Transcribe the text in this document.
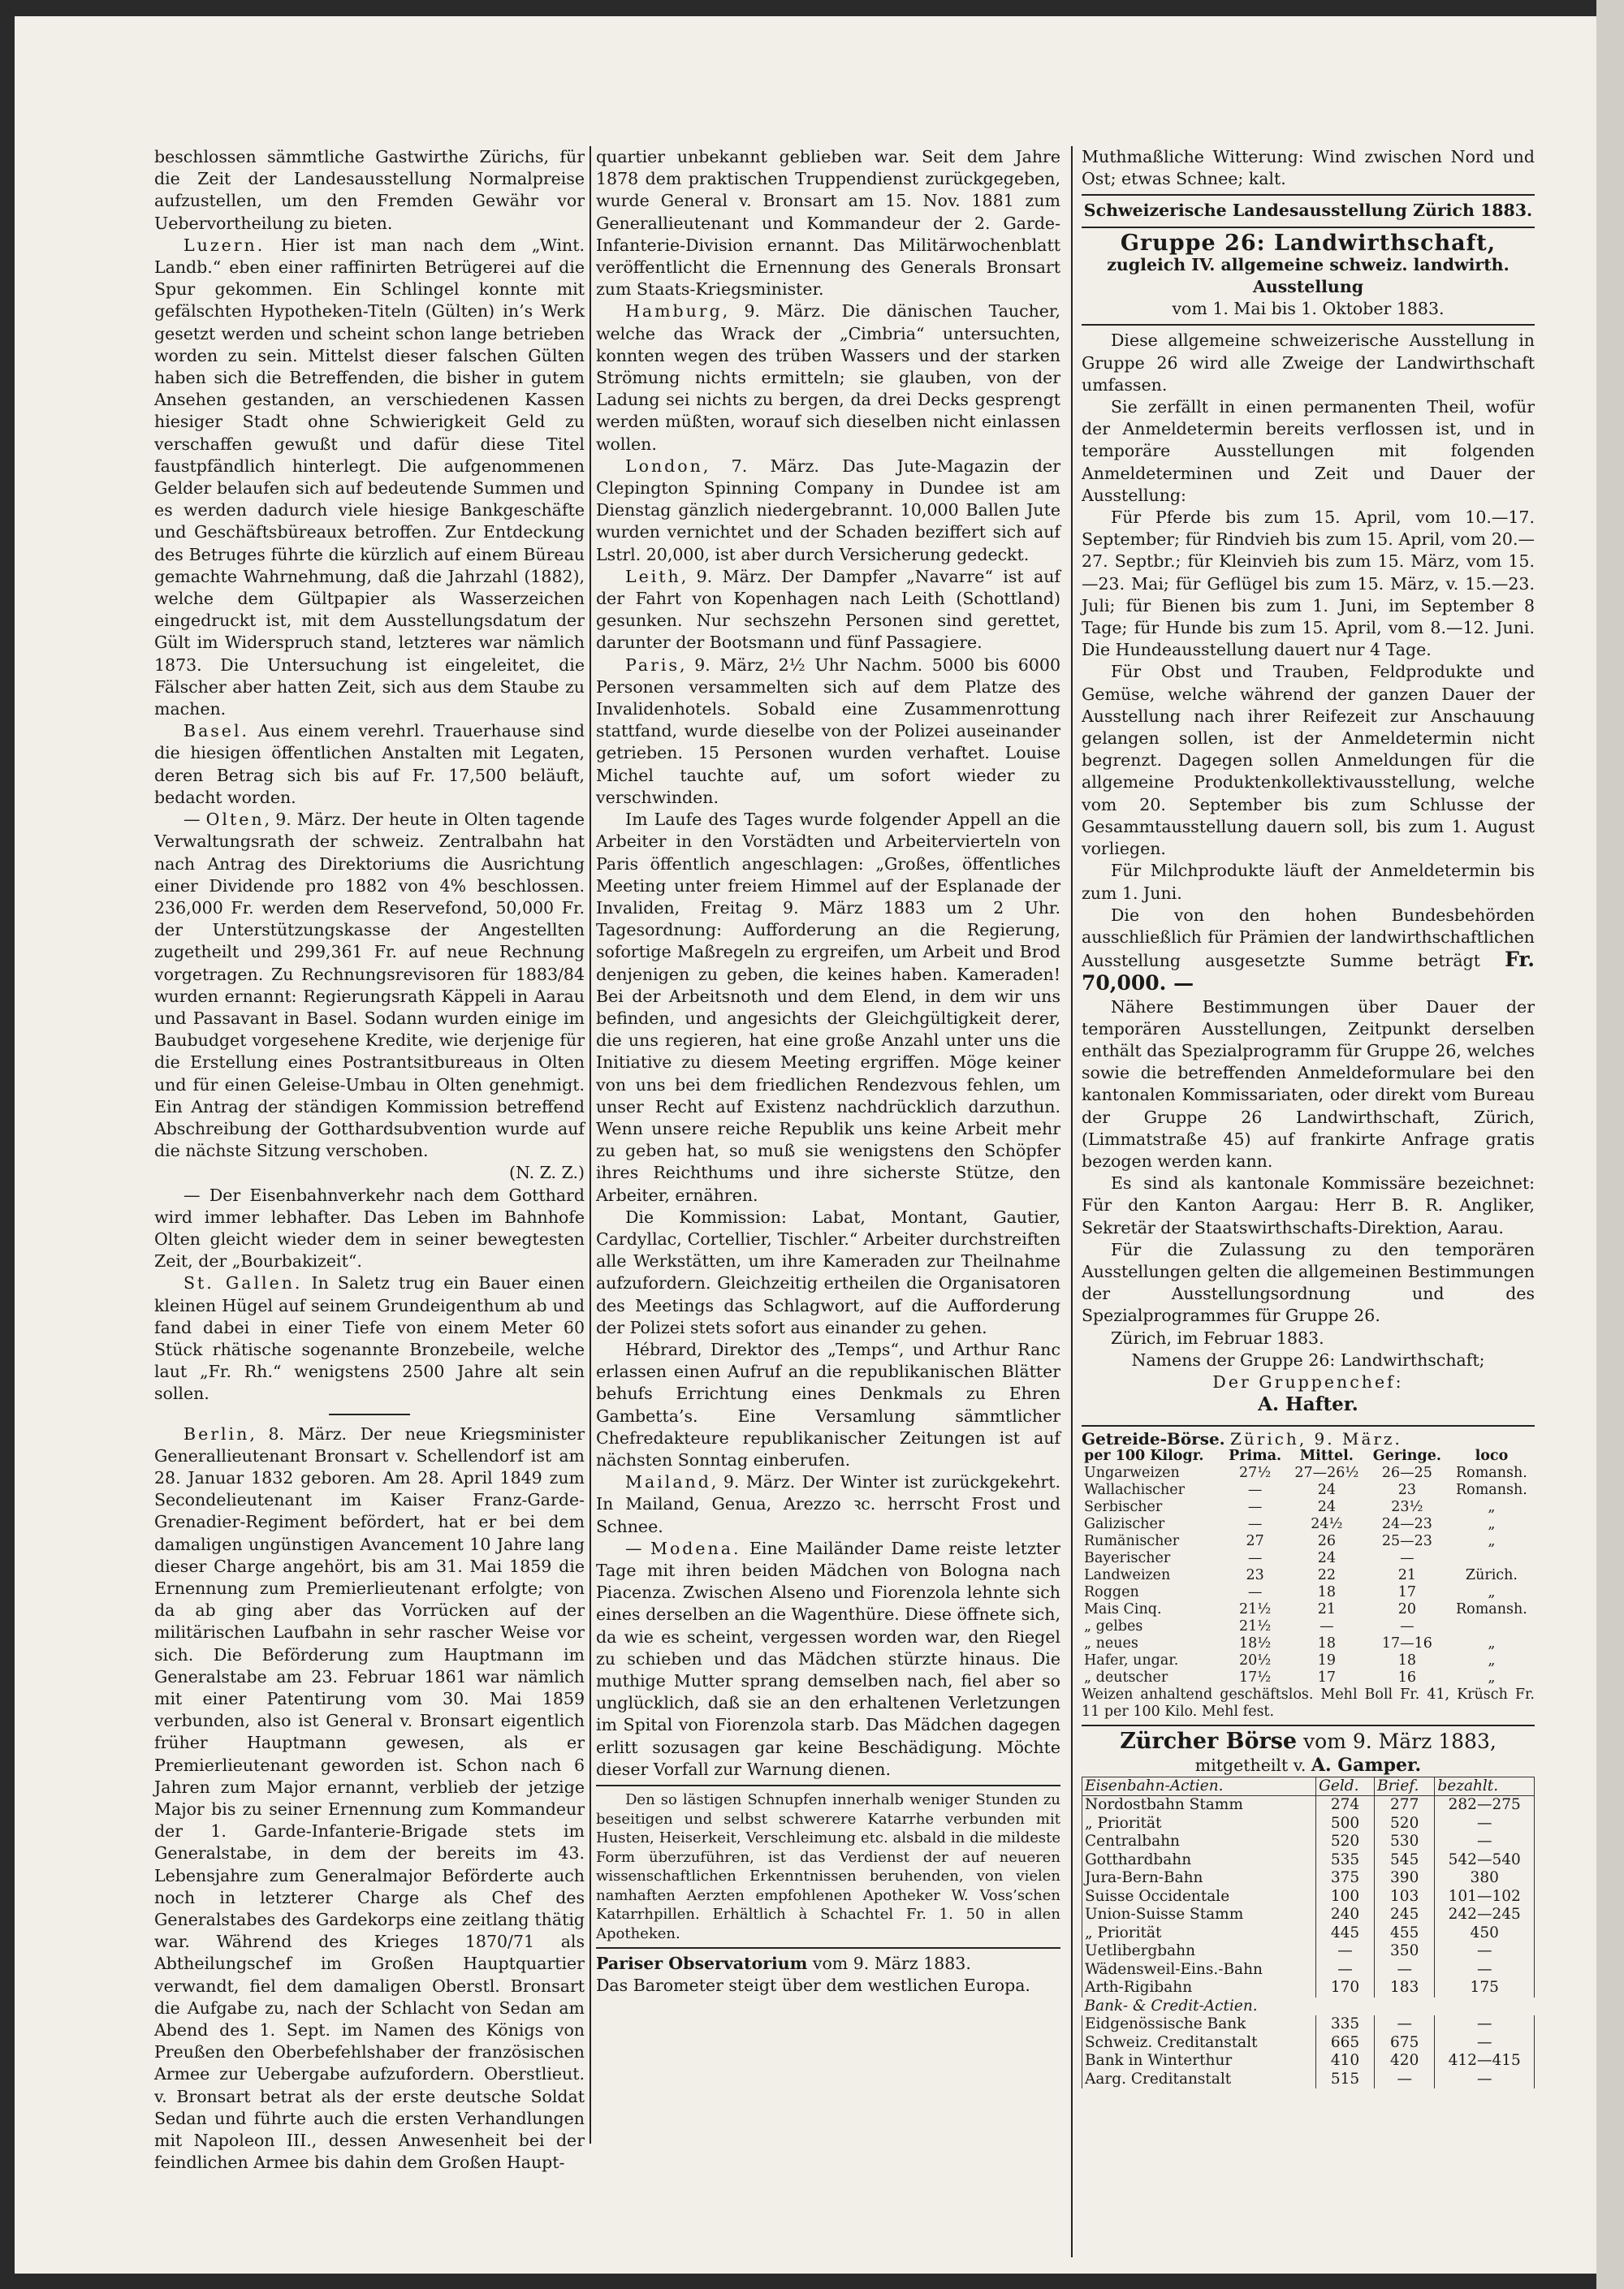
beschlossen sämmtliche Gastwirthe Zürichs, für die Zeit der Landesausstellung Normalpreise aufzustellen, um den Fremden Gewähr vor Uebervortheilung zu bieten.

Luzern. Hier ist man nach dem „Wint. Landb.“ eben einer raffinirten Betrügerei auf die Spur gekommen. Ein Schlingel konnte mit gefälschten Hypotheken-Titeln (Gülten) in’s Werk gesetzt werden und scheint schon lange betrieben worden zu sein. Mittelst dieser falschen Gülten haben sich die Betreffenden, die bisher in gutem Ansehen gestanden, an verschiedenen Kassen hiesiger Stadt ohne Schwierigkeit Geld zu verschaffen gewußt und dafür diese Titel faustpfändlich hinterlegt. Die aufgenommenen Gelder belaufen sich auf bedeutende Summen und es werden dadurch viele hiesige Bankgeschäfte und Geschäftsbüreaux betroffen. Zur Entdeckung des Betruges führte die kürzlich auf einem Büreau gemachte Wahrnehmung, daß die Jahrzahl (1882), welche dem Gültpapier als Wasserzeichen eingedruckt ist, mit dem Ausstellungsdatum der Gült im Widerspruch stand, letzteres war nämlich 1873. Die Untersuchung ist eingeleitet, die Fälscher aber hatten Zeit, sich aus dem Staube zu machen.

Basel. Aus einem verehrl. Trauerhause sind die hiesigen öffentlichen Anstalten mit Legaten, deren Betrag sich bis auf Fr. 17,500 beläuft, bedacht worden.

— Olten, 9. März. Der heute in Olten tagende Verwaltungsrath der schweiz. Zentralbahn hat nach Antrag des Direktoriums die Ausrichtung einer Dividende pro 1882 von 4% beschlossen. 236,000 Fr. werden dem Reservefond, 50,000 Fr. der Unterstützungskasse der Angestellten zugetheilt und 299,361 Fr. auf neue Rechnung vorgetragen. Zu Rechnungsrevisoren für 1883/84 wurden ernannt: Regierungsrath Käppeli in Aarau und Passavant in Basel. Sodann wurden einige im Baubudget vorgesehene Kredite, wie derjenige für die Erstellung eines Postrantsitbureaus in Olten und für einen Geleise-Umbau in Olten genehmigt. Ein Antrag der ständigen Kommission betreffend Abschreibung der Gotthardsubvention wurde auf die nächste Sitzung verschoben.

(N. Z. Z.)

— Der Eisenbahnverkehr nach dem Gotthard wird immer lebhafter. Das Leben im Bahnhofe Olten gleicht wieder dem in seiner bewegtesten Zeit, der „Bourbakizeit“.

St. Gallen. In Saletz trug ein Bauer einen kleinen Hügel auf seinem Grundeigenthum ab und fand dabei in einer Tiefe von einem Meter 60 Stück rhätische sogenannte Bronzebeile, welche laut „Fr. Rh.“ wenigstens 2500 Jahre alt sein sollen.

Berlin, 8. März. Der neue Kriegsminister Generallieutenant Bronsart v. Schellendorf ist am 28. Januar 1832 geboren. Am 28. April 1849 zum Secondelieutenant im Kaiser Franz-Garde-Grenadier-Regiment befördert, hat er bei dem damaligen ungünstigen Avancement 10 Jahre lang dieser Charge angehört, bis am 31. Mai 1859 die Ernennung zum Premierlieutenant erfolgte; von da ab ging aber das Vorrücken auf der militärischen Laufbahn in sehr rascher Weise vor sich. Die Beförderung zum Hauptmann im Generalstabe am 23. Februar 1861 war nämlich mit einer Patentirung vom 30. Mai 1859 verbunden, also ist General v. Bronsart eigentlich früher Hauptmann gewesen, als er Premierlieutenant geworden ist. Schon nach 6 Jahren zum Major ernannt, verblieb der jetzige Major bis zu seiner Ernennung zum Kommandeur der 1. Garde-Infanterie-Brigade stets im Generalstabe, in dem der bereits im 43. Lebensjahre zum Generalmajor Beförderte auch noch in letzterer Charge als Chef des Generalstabes des Gardekorps eine zeitlang thätig war. Während des Krieges 1870/71 als Abtheilungschef im Großen Hauptquartier verwandt, fiel dem damaligen Oberstl. Bronsart die Aufgabe zu, nach der Schlacht von Sedan am Abend des 1. Sept. im Namen des Königs von Preußen den Oberbefehlshaber der französischen Armee zur Uebergabe aufzufordern. Oberstlieut. v. Bronsart betrat als der erste deutsche Soldat Sedan und führte auch die ersten Verhandlungen mit Napoleon III., dessen Anwesenheit bei der feindlichen Armee bis dahin dem Großen Haupt-

quartier unbekannt geblieben war. Seit dem Jahre 1878 dem praktischen Truppendienst zurückgegeben, wurde General v. Bronsart am 15. Nov. 1881 zum Generallieutenant und Kommandeur der 2. Garde-Infanterie-Division ernannt. Das Militärwochenblatt veröffentlicht die Ernennung des Generals Bronsart zum Staats-Kriegsminister.

Hamburg, 9. März. Die dänischen Taucher, welche das Wrack der „Cimbria“ untersuchten, konnten wegen des trüben Wassers und der starken Strömung nichts ermitteln; sie glauben, von der Ladung sei nichts zu bergen, da drei Decks gesprengt werden müßten, worauf sich dieselben nicht einlassen wollen.

London, 7. März. Das Jute-Magazin der Clepington Spinning Company in Dundee ist am Dienstag gänzlich niedergebrannt. 10,000 Ballen Jute wurden vernichtet und der Schaden beziffert sich auf Lstrl. 20,000, ist aber durch Versicherung gedeckt.

Leith, 9. März. Der Dampfer „Navarre“ ist auf der Fahrt von Kopenhagen nach Leith (Schottland) gesunken. Nur sechszehn Personen sind gerettet, darunter der Bootsmann und fünf Passagiere.

Paris, 9. März, 2½ Uhr Nachm. 5000 bis 6000 Personen versammelten sich auf dem Platze des Invalidenhotels. Sobald eine Zusammenrottung stattfand, wurde dieselbe von der Polizei auseinander getrieben. 15 Personen wurden verhaftet. Louise Michel tauchte auf, um sofort wieder zu verschwinden.

Im Laufe des Tages wurde folgender Appell an die Arbeiter in den Vorstädten und Arbeitervierteln von Paris öffentlich angeschlagen: „Großes, öffentliches Meeting unter freiem Himmel auf der Esplanade der Invaliden, Freitag 9. März 1883 um 2 Uhr. Tagesordnung: Aufforderung an die Regierung, sofortige Maßregeln zu ergreifen, um Arbeit und Brod denjenigen zu geben, die keines haben. Kameraden! Bei der Arbeitsnoth und dem Elend, in dem wir uns befinden, und angesichts der Gleichgültigkeit derer, die uns regieren, hat eine große Anzahl unter uns die Initiative zu diesem Meeting ergriffen. Möge keiner von uns bei dem friedlichen Rendezvous fehlen, um unser Recht auf Existenz nachdrücklich darzuthun. Wenn unsere reiche Republik uns keine Arbeit mehr zu geben hat, so muß sie wenigstens den Schöpfer ihres Reichthums und ihre sicherste Stütze, den Arbeiter, ernähren.

Die Kommission: Labat, Montant, Gautier, Cardyllac, Cortellier, Tischler.“ Arbeiter durchstreiften alle Werkstätten, um ihre Kameraden zur Theilnahme aufzufordern. Gleichzeitig ertheilen die Organisatoren des Meetings das Schlagwort, auf die Aufforderung der Polizei stets sofort aus einander zu gehen.

Hébrard, Direktor des „Temps“, und Arthur Ranc erlassen einen Aufruf an die republikanischen Blätter behufs Errichtung eines Denkmals zu Ehren Gambetta’s. Eine Versamlung sämmtlicher Chefredakteure republikanischer Zeitungen ist auf nächsten Sonntag einberufen.

Mailand, 9. März. Der Winter ist zurückgekehrt. In Mailand, Genua, Arezzo ꝛc. herrscht Frost und Schnee.

— Modena. Eine Mailänder Dame reiste letzter Tage mit ihren beiden Mädchen von Bologna nach Piacenza. Zwischen Alseno und Fiorenzola lehnte sich eines derselben an die Wagenthüre. Diese öffnete sich, da wie es scheint, vergessen worden war, den Riegel zu schieben und das Mädchen stürzte hinaus. Die muthige Mutter sprang demselben nach, fiel aber so unglücklich, daß sie an den erhaltenen Verletzungen im Spital von Fiorenzola starb. Das Mädchen dagegen erlitt sozusagen gar keine Beschädigung. Möchte dieser Vorfall zur Warnung dienen.

Den so lästigen Schnupfen innerhalb weniger Stunden zu beseitigen und selbst schwerere Katarrhe verbunden mit Husten, Heiserkeit, Verschleimung etc. alsbald in die mildeste Form überzuführen, ist das Verdienst der auf neueren wissenschaftlichen Erkenntnissen beruhenden, von vielen namhaften Aerzten empfohlenen Apotheker W. Voss’schen Katarrhpillen. Erhältlich à Schachtel Fr. 1. 50 in allen Apotheken.

Pariser Observatorium vom 9. März 1883.

Das Barometer steigt über dem westlichen Europa.

Muthmaßliche Witterung: Wind zwischen Nord und Ost; etwas Schnee; kalt.

Schweizerische Landesausstellung Zürich 1883.

Gruppe 26: Landwirthschaft,

zugleich IV. allgemeine schweiz. landwirth. Ausstellung

vom 1. Mai bis 1. Oktober 1883.

Diese allgemeine schweizerische Ausstellung in Gruppe 26 wird alle Zweige der Landwirthschaft umfassen.

Sie zerfällt in einen permanenten Theil, wofür der Anmeldetermin bereits verflossen ist, und in temporäre Ausstellungen mit folgenden Anmeldeterminen und Zeit und Dauer der Ausstellung:

Für Pferde bis zum 15. April, vom 10.—17. September; für Rindvieh bis zum 15. April, vom 20.—27. Septbr.; für Kleinvieh bis zum 15. März, vom 15.—23. Mai; für Geflügel bis zum 15. März, v. 15.—23. Juli; für Bienen bis zum 1. Juni, im September 8 Tage; für Hunde bis zum 15. April, vom 8.—12. Juni. Die Hundeausstellung dauert nur 4 Tage.

Für Obst und Trauben, Feldprodukte und Gemüse, welche während der ganzen Dauer der Ausstellung nach ihrer Reifezeit zur Anschauung gelangen sollen, ist der Anmeldetermin nicht begrenzt. Dagegen sollen Anmeldungen für die allgemeine Produktenkollektivausstellung, welche vom 20. September bis zum Schlusse der Gesammtausstellung dauern soll, bis zum 1. August vorliegen.

Für Milchprodukte läuft der Anmeldetermin bis zum 1. Juni.

Die von den hohen Bundesbehörden ausschließlich für Prämien der landwirthschaftlichen Ausstellung ausgesetzte Summe beträgt Fr. 70,000. —

Nähere Bestimmungen über Dauer der temporären Ausstellungen, Zeitpunkt derselben enthält das Spezialprogramm für Gruppe 26, welches sowie die betreffenden Anmeldeformulare bei den kantonalen Kommissariaten, oder direkt vom Bureau der Gruppe 26 Landwirthschaft, Zürich, (Limmatstraße 45) auf frankirte Anfrage gratis bezogen werden kann.

Es sind als kantonale Kommissäre bezeichnet: Für den Kanton Aargau: Herr B. R. Angliker, Sekretär der Staatswirthschafts-Direktion, Aarau.

Für die Zulassung zu den temporären Ausstellungen gelten die allgemeinen Bestimmungen der Ausstellungsordnung und des Spezialprogrammes für Gruppe 26.

Zürich, im Februar 1883.

Namens der Gruppe 26: Landwirthschaft;

Der Gruppenchef:

A. Hafter.

Getreide-Börse. Zürich, 9. März.

per 100 Kilogr.	Prima.	Mittel.	Geringe.	loco
Ungarweizen	27½	27—26½	26—25	Romansh.
Wallachischer	—	24	23	Romansh.
Serbischer	—	24	23½	„
Galizischer	—	24½	24—23	„
Rumänischer	27	26	25—23	„
Bayerischer	—	24	—	
Landweizen	23	22	21	Zürich.
Roggen	—	18	17	„
Mais Cinq.	21½	21	20	Romansh.
„ gelbes	21½	—	—	
„ neues	18½	18	17—16	„
Hafer, ungar.	20½	19	18	„
„ deutscher	17½	17	16	„

Weizen anhaltend geschäftslos. Mehl Boll Fr. 41, Krüsch Fr. 11 per 100 Kilo. Mehl fest.

Zürcher Börse vom 9. März 1883,

mitgetheilt v. A. Gamper.

Eisenbahn-Actien.	Geld.	Brief.	bezahlt.
Nordostbahn Stamm	274	277	282—275
„ Priorität	500	520	—
Centralbahn	520	530	—
Gotthardbahn	535	545	542—540
Jura-Bern-Bahn	375	390	380
Suisse Occidentale	100	103	101—102
Union-Suisse Stamm	240	245	242—245
„ Priorität	445	455	450
Uetlibergbahn	—	350	—
Wädensweil-Eins.-Bahn	—	—	—
Arth-Rigibahn	170	183	175
Bank- & Credit-Actien.			
Eidgenössische Bank	335	—	—
Schweiz. Creditanstalt	665	675	—
Bank in Winterthur	410	420	412—415
Aarg. Creditanstalt	515	—	—
